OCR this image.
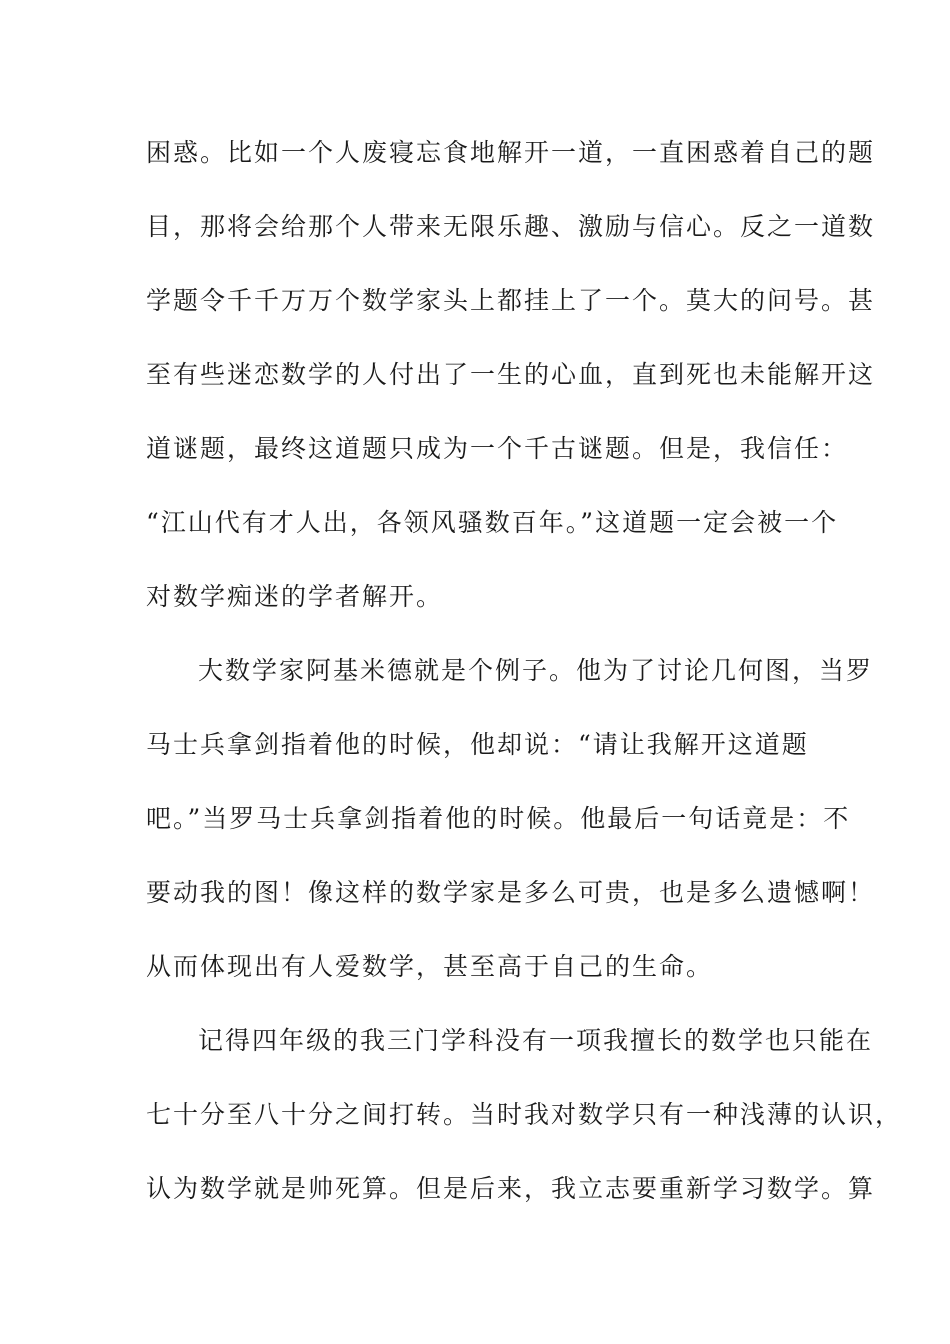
困惑。比如一个人废寝忘食地解开一道，一直困惑着自己的题
目，那将会给那个人带来无限乐趣、激励与信心。反之一道数
学题令千千万万个数学家头上都挂上了一个。莫大的问号。甚
至有些迷恋数学的人付出了一生的心血，直到死也未能解开这
道谜题，最终这道题只成为一个千古谜题。但是，我信任：
“江山代有才人出，各领风骚数百年。”这道题一定会被一个
对数学痴迷的学者解开。
大数学家阿基米德就是个例子。他为了讨论几何图，当罗
马士兵拿剑指着他的时候，他却说：“请让我解开这道题
吧。”当罗马士兵拿剑指着他的时候。他最后一句话竟是：不
要动我的图！像这样的数学家是多么可贵，也是多么遗憾啊！
从而体现出有人爱数学，甚至高于自己的生命。
记得四年级的我三门学科没有一项我擅长的数学也只能在
七十分至八十分之间打转。当时我对数学只有一种浅薄的认识，
认为数学就是帅死算。但是后来，我立志要重新学习数学。算
